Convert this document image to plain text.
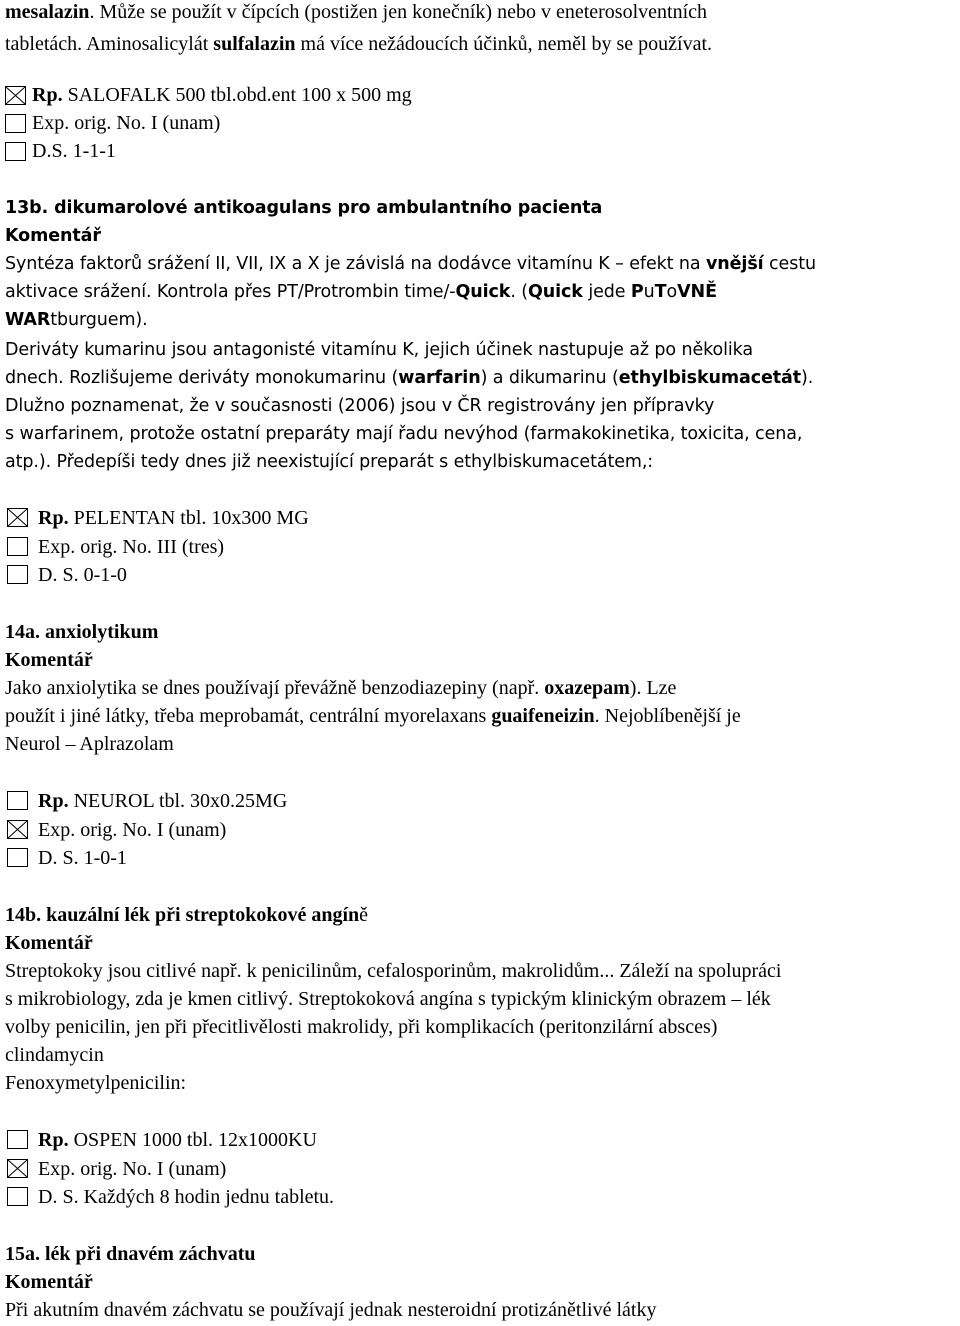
mesalazin. Může se použít v čípcích (postižen jen konečník) nebo v eneterosolventních
tabletách. Aminosalicylát sulfalazin má více nežádoucích účinků, neměl by se používat.
Rp. SALOFALK 500 tbl.obd.ent 100 x 500 mg
Exp. orig. No. I (unam)
D.S. 1-1-1
13b. dikumarolové antikoagulans pro ambulantního pacienta
Komentář
Syntéza faktorů srážení II, VII, IX a X je závislá na dodávce vitamínu K – efekt na vnější cestu
aktivace srážení. Kontrola přes PT/Protrombin time/-Quick. (Quick jede PuToVNĚ
WARtburguem).
Deriváty kumarinu jsou antagonisté vitamínu K, jejich účinek nastupuje až po několika
dnech. Rozlišujeme deriváty monokumarinu (warfarin) a dikumarinu (ethylbiskumacetát).
Dlužno poznamenat, že v současnosti (2006) jsou v ČR registrovány jen přípravky
s warfarinem, protože ostatní preparáty mají řadu nevýhod (farmakokinetika, toxicita, cena,
atp.). Předepíši tedy dnes již neexistující preparát s ethylbiskumacetátem,:
Rp. PELENTAN tbl. 10x300 MG
Exp. orig. No. III (tres)
D. S. 0-1-0
14a. anxiolytikum
Komentář
Jako anxiolytika se dnes používají převážně benzodiazepiny (např. oxazepam). Lze
použít i jiné látky, třeba meprobamát, centrální myorelaxans guaifeneizin. Nejoblíbenější je
Neurol – Aplrazolam
Rp. NEUROL tbl. 30x0.25MG
Exp. orig. No. I (unam)
D. S. 1-0-1
14b. kauzální lék při streptokokové angíně
Komentář
Streptokoky jsou citlivé např. k penicilinům, cefalosporinům, makrolidům... Záleží na spolupráci
s mikrobiology, zda je kmen citlivý. Streptokoková angína s typickým klinickým obrazem – lék
volby penicilin, jen při přecitlivělosti makrolidy, při komplikacích (peritonzilární absces)
clindamycin
Fenoxymetylpenicilin:
Rp. OSPEN 1000 tbl. 12x1000KU
Exp. orig. No. I (unam)
D. S. Každých 8 hodin jednu tabletu.
15a. lék při dnavém záchvatu
Komentář
Při akutním dnavém záchvatu se používají jednak nesteroidní protizánětlivé látky
